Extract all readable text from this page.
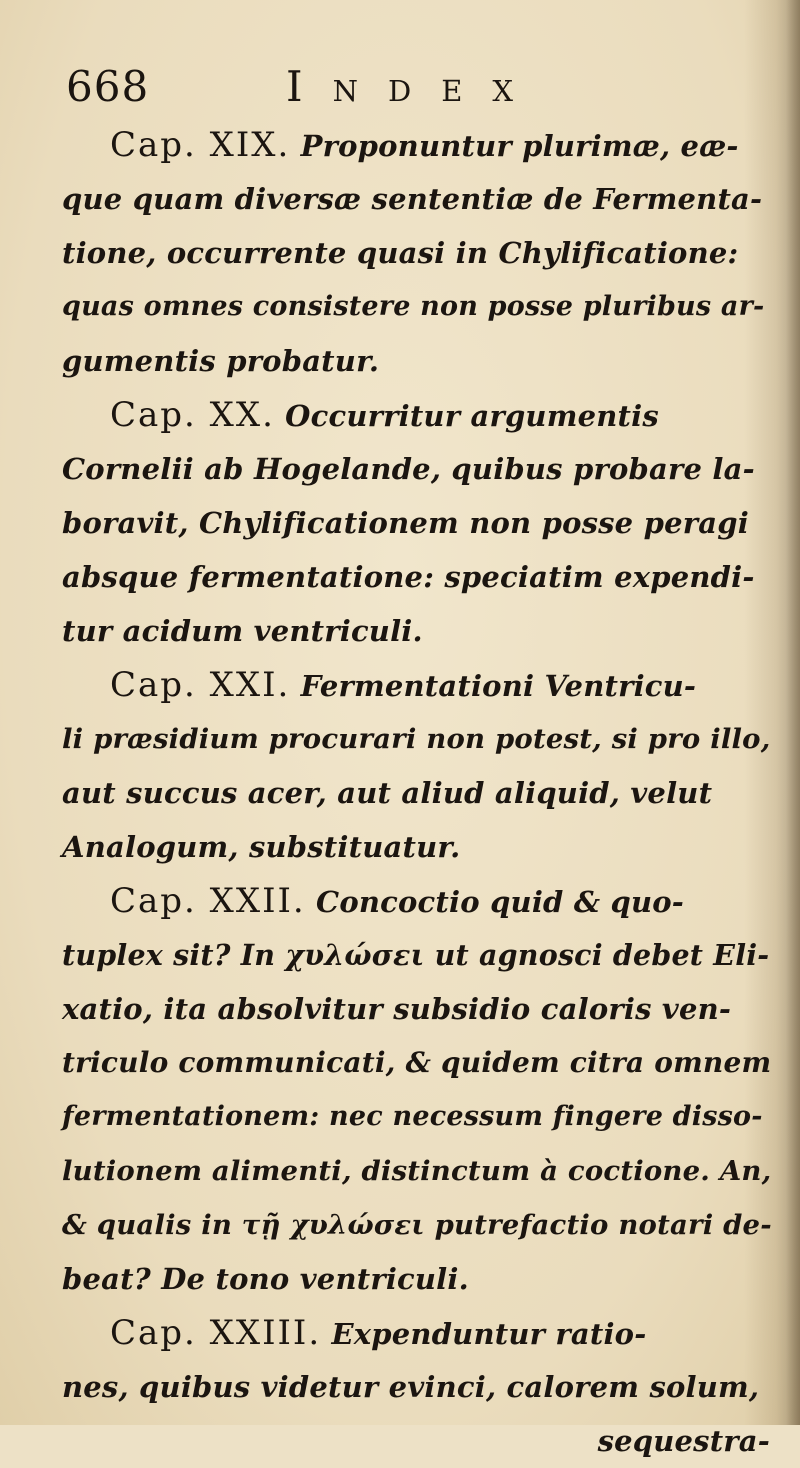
668	Index
Cap. XIX. Proponuntur plurimæ, eæ-
que quam diversæ sententiæ de Fermenta-
tione, occurrente quasi in Chylificatione:
quas omnes consistere non posse pluribus ar-
gumentis probatur.
Cap. XX. Occurritur argumentis
Cornelii ab Hogelande, quibus probare la-
boravit, Chylificationem non posse peragi
absque fermentatione: speciatim expendi-
tur acidum ventriculi.
Cap. XXI. Fermentationi Ventricu-
li præsidium procurari non potest, si pro illo,
aut succus acer, aut aliud aliquid, velut
Analogum, substituatur.
Cap. XXII. Concoctio quid & quo-
tuplex sit? In χυλώσει ut agnosci debet Eli-
xatio, ita absolvitur subsidio caloris ven-
triculo communicati, & quidem citra omnem
fermentationem: nec necessum fingere disso-
lutionem alimenti, distinctum à coctione. An,
& qualis in τῇ χυλώσει putrefactio notari de-
beat? De tono ventriculi.
Cap. XXIII. Expenduntur ratio-
nes, quibus videtur evinci, calorem solum,
sequestra-
